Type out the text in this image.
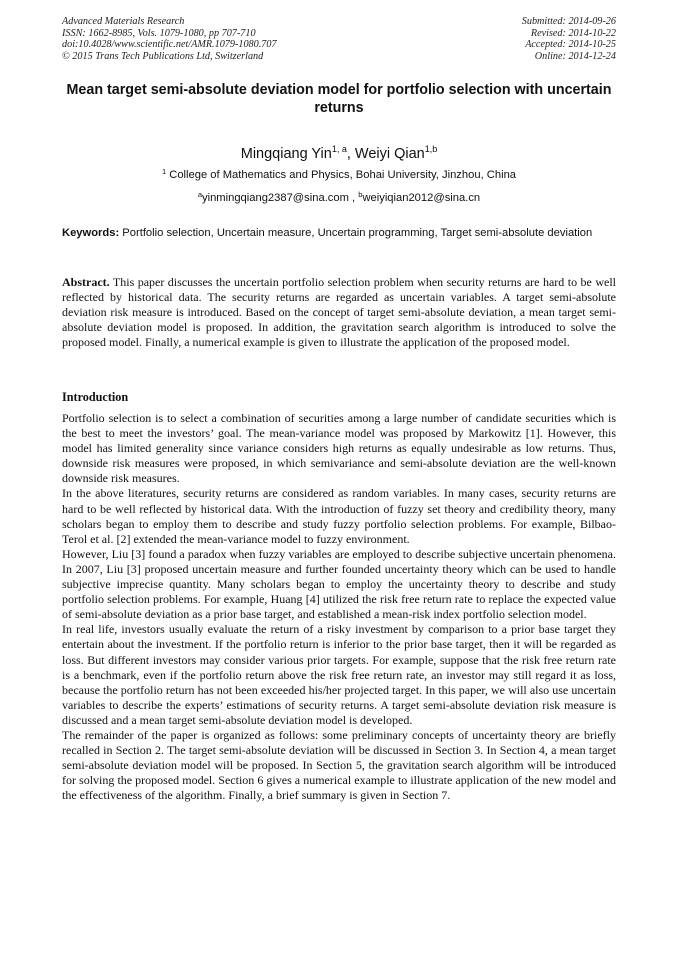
Advanced Materials Research
ISSN: 1662-8985, Vols. 1079-1080, pp 707-710
doi:10.4028/www.scientific.net/AMR.1079-1080.707
© 2015 Trans Tech Publications Ltd, Switzerland
Submitted: 2014-09-26
Revised: 2014-10-22
Accepted: 2014-10-25
Online: 2014-12-24
Mean target semi-absolute deviation model for portfolio selection with uncertain returns
Mingqiang Yin$^{1, a}$, Weiyi Qian$^{1,b}$
$^1$ College of Mathematics and Physics, Bohai University, Jinzhou, China
$^a$yinmingqiang2387@sina.com , $^b$weiyiqian2012@sina.cn
Keywords: Portfolio selection, Uncertain measure, Uncertain programming, Target semi-absolute deviation
Abstract. This paper discusses the uncertain portfolio selection problem when security returns are hard to be well reflected by historical data. The security returns are regarded as uncertain variables. A target semi-absolute deviation risk measure is introduced. Based on the concept of target semi-absolute deviation, a mean target semi-absolute deviation model is proposed. In addition, the gravitation search algorithm is introduced to solve the proposed model. Finally, a numerical example is given to illustrate the application of the proposed model.
Introduction

Portfolio selection is to select a combination of securities among a large number of candidate securities which is the best to meet the investors’ goal. The mean-variance model was proposed by Markowitz [1]. However, this model has limited generality since variance considers high returns as equally undesirable as low returns. Thus, downside risk measures were proposed, in which semivariance and semi-absolute deviation are the well-known downside risk measures.

In the above literatures, security returns are considered as random variables. In many cases, security returns are hard to be well reflected by historical data. With the introduction of fuzzy set theory and credibility theory, many scholars began to employ them to describe and study fuzzy portfolio selection problems. For example, Bilbao-Terol et al. [2] extended the mean-variance model to fuzzy environment.

However, Liu [3] found a paradox when fuzzy variables are employed to describe subjective uncertain phenomena. In 2007, Liu [3] proposed uncertain measure and further founded uncertainty theory which can be used to handle subjective imprecise quantity. Many scholars began to employ the uncertainty theory to describe and study portfolio selection problems. For example, Huang [4] utilized the risk free return rate to replace the expected value of semi-absolute deviation as a prior base target, and established a mean-risk index portfolio selection model.

In real life, investors usually evaluate the return of a risky investment by comparison to a prior base target they entertain about the investment. If the portfolio return is inferior to the prior base target, then it will be regarded as loss. But different investors may consider various prior targets. For example, suppose that the risk free return rate is a benchmark, even if the portfolio return above the risk free return rate, an investor may still regard it as loss, because the portfolio return has not been exceeded his/her projected target. In this paper, we will also use uncertain variables to describe the experts’ estimations of security returns. A target semi-absolute deviation risk measure is discussed and a mean target semi-absolute deviation model is developed.

The remainder of the paper is organized as follows: some preliminary concepts of uncertainty theory are briefly recalled in Section 2. The target semi-absolute deviation will be discussed in Section 3. In Section 4, a mean target semi-absolute deviation model will be proposed. In Section 5, the gravitation search algorithm will be introduced for solving the proposed model. Section 6 gives a numerical example to illustrate application of the new model and the effectiveness of the algorithm. Finally, a brief summary is given in Section 7.
